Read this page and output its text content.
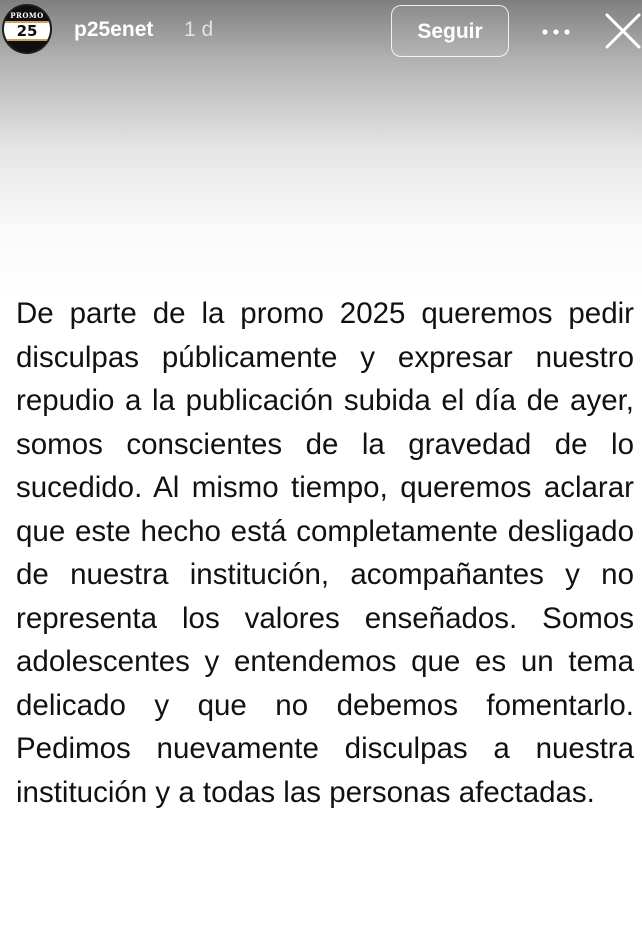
PROMO
25	p25enet 1 d	Seguir

De parte de la promo 2025 queremos pedir disculpas públicamente y expresar nuestro repudio a la publicación subida el día de ayer, somos conscientes de la gravedad de lo sucedido. Al mismo tiempo, queremos aclarar que este hecho está completamente desligado de nuestra institución, acompañantes y no representa los valores enseñados. Somos adolescentes y entendemos que es un tema delicado y que no debemos fomentarlo. Pedimos nuevamente disculpas a nuestra institución y a todas las personas afectadas.
